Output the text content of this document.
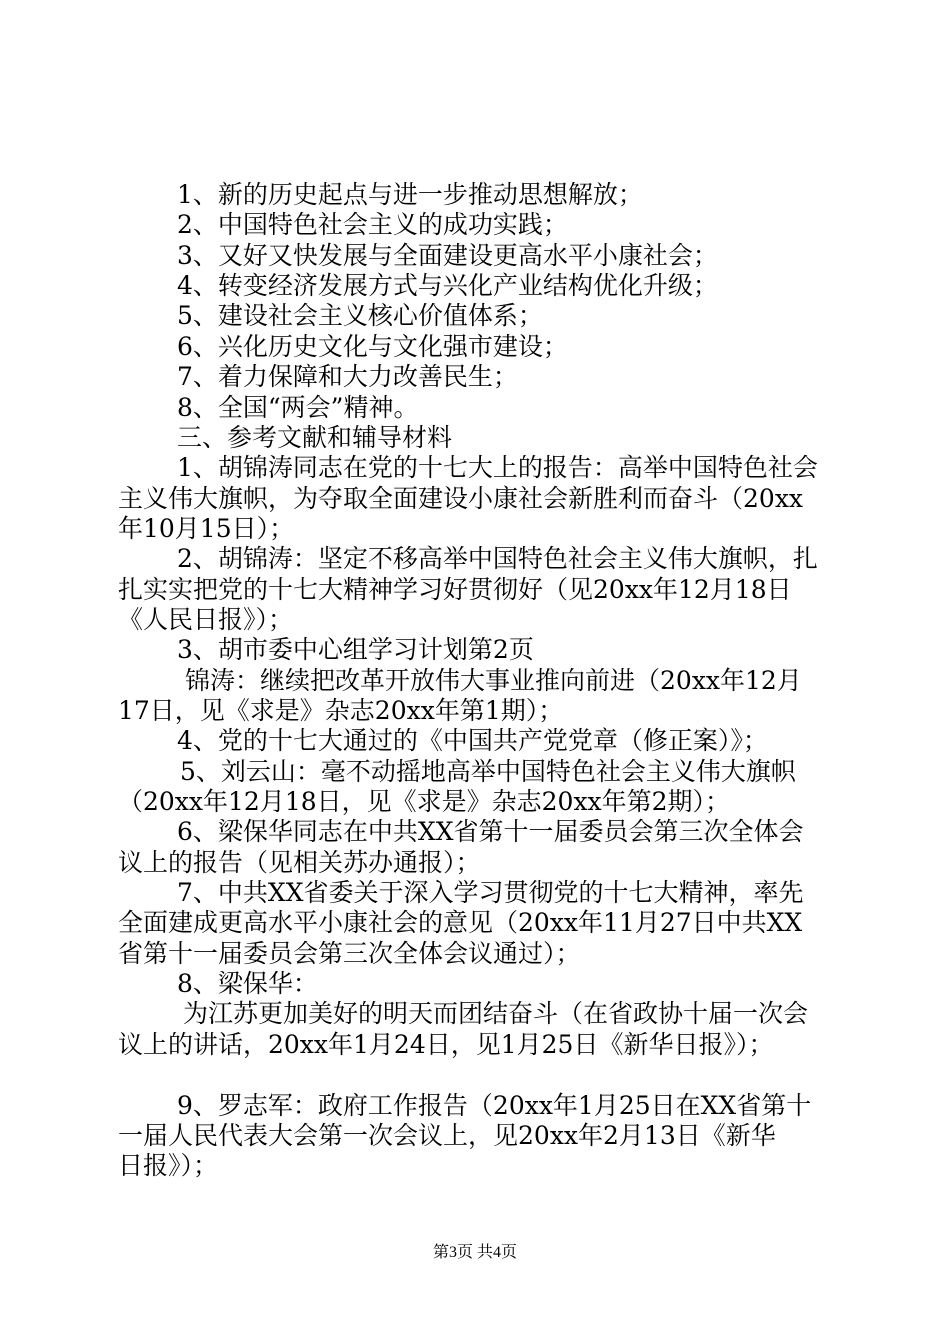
1、新的历史起点与进一步推动思想解放；
2、中国特色社会主义的成功实践；
3、又好又快发展与全面建设更高水平小康社会；
4、转变经济发展方式与兴化产业结构优化升级；
5、建设社会主义核心价值体系；
6、兴化历史文化与文化强市建设；
7、着力保障和大力改善民生；
8、全国“两会”精神。
三、参考文献和辅导材料
1、胡锦涛同志在党的十七大上的报告：高举中国特色社会
主义伟大旗帜，为夺取全面建设小康社会新胜利而奋斗（20xx
年10月15日）；
2、胡锦涛：坚定不移高举中国特色社会主义伟大旗帜，扎
扎实实把党的十七大精神学习好贯彻好（见20xx年12月18日
《人民日报》）；
3、胡市委中心组学习计划第2页
锦涛：继续把改革开放伟大事业推向前进（20xx年12月
17日，见《求是》杂志20xx年第1期）；
4、党的十七大通过的《中国共产党党章（修正案）》；
5、刘云山：毫不动摇地高举中国特色社会主义伟大旗帜
（20xx年12月18日，见《求是》杂志20xx年第2期）；
6、梁保华同志在中共XX省第十一届委员会第三次全体会
议上的报告（见相关苏办通报）；
7、中共XX省委关于深入学习贯彻党的十七大精神，率先
全面建成更高水平小康社会的意见（20xx年11月27日中共XX
省第十一届委员会第三次全体会议通过）；
8、梁保华：
为江苏更加美好的明天而团结奋斗（在省政协十届一次会
议上的讲话，20xx年1月24日，见1月25日《新华日报》）；
9、罗志军：政府工作报告（20xx年1月25日在XX省第十
一届人民代表大会第一次会议上，见20xx年2月13日《新华
日报》）；
第3页 共4页
